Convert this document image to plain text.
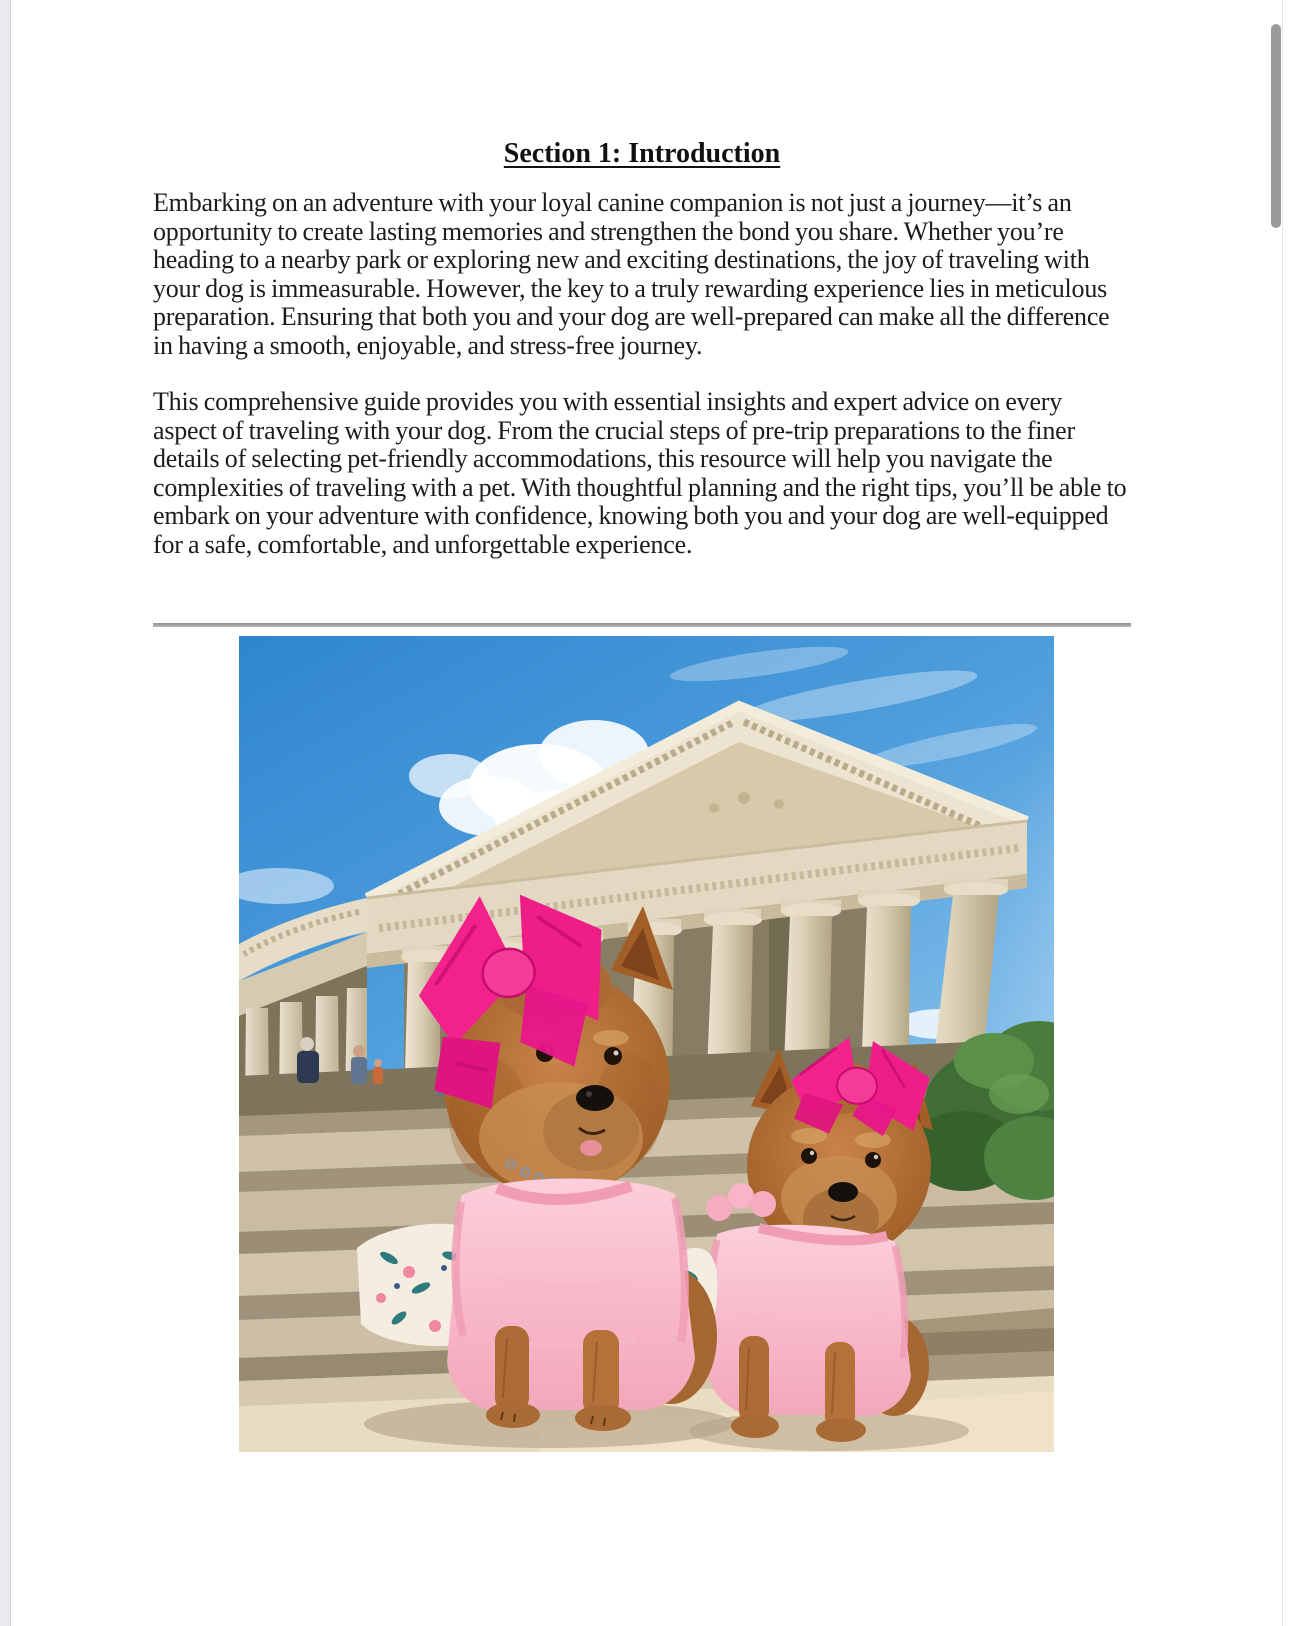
Section 1: Introduction

Embarking on an adventure with your loyal canine companion is not just a journey—it’s an opportunity to create lasting memories and strengthen the bond you share. Whether you’re heading to a nearby park or exploring new and exciting destinations, the joy of traveling with your dog is immeasurable. However, the key to a truly rewarding experience lies in meticulous preparation. Ensuring that both you and your dog are well-prepared can make all the difference in having a smooth, enjoyable, and stress-free journey.

This comprehensive guide provides you with essential insights and expert advice on every aspect of traveling with your dog. From the crucial steps of pre-trip preparations to the finer details of selecting pet-friendly accommodations, this resource will help you navigate the complexities of traveling with a pet. With thoughtful planning and the right tips, you’ll be able to embark on your adventure with confidence, knowing both you and your dog are well-equipped for a safe, comfortable, and unforgettable experience.
